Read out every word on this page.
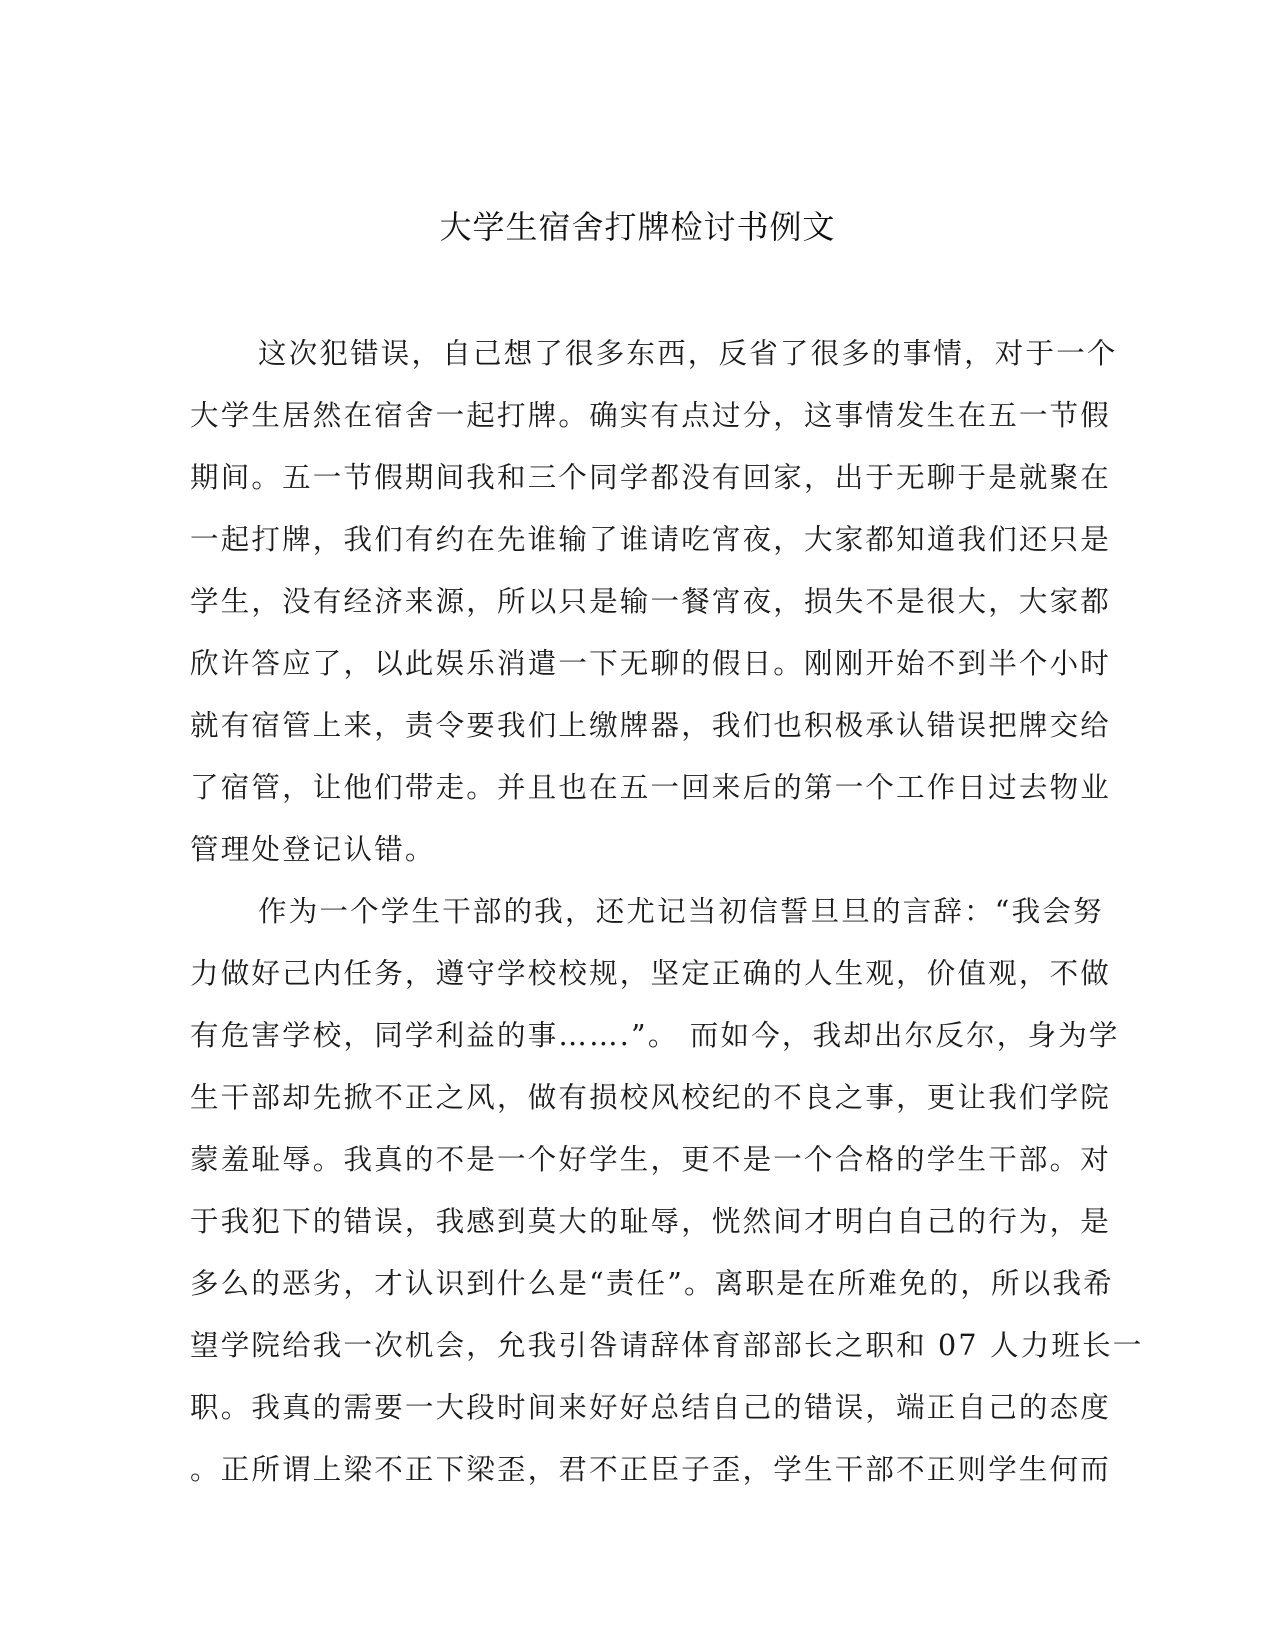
大学生宿舍打牌检讨书例文
这次犯错误，自己想了很多东西，反省了很多的事情，对于一个
大学生居然在宿舍一起打牌。确实有点过分，这事情发生在五一节假
期间。五一节假期间我和三个同学都没有回家，出于无聊于是就聚在
一起打牌，我们有约在先谁输了谁请吃宵夜，大家都知道我们还只是
学生，没有经济来源，所以只是输一餐宵夜，损失不是很大，大家都
欣许答应了，以此娱乐消遣一下无聊的假日。刚刚开始不到半个小时
就有宿管上来，责令要我们上缴牌器，我们也积极承认错误把牌交给
了宿管，让他们带走。并且也在五一回来后的第一个工作日过去物业
管理处登记认错。
作为一个学生干部的我，还尤记当初信誓旦旦的言辞：“我会努
力做好己内任务，遵守学校校规，坚定正确的人生观，价值观，不做
有危害学校，同学利益的事…….”。 而如今，我却出尔反尔，身为学
生干部却先掀不正之风，做有损校风校纪的不良之事，更让我们学院
蒙羞耻辱。我真的不是一个好学生，更不是一个合格的学生干部。对
于我犯下的错误，我感到莫大的耻辱，恍然间才明白自己的行为，是
多么的恶劣，才认识到什么是“责任”。离职是在所难免的，所以我希
望学院给我一次机会，允我引咎请辞体育部部长之职和 07 人力班长一
职。我真的需要一大段时间来好好总结自己的错误，端正自己的态度
。正所谓上梁不正下梁歪，君不正臣子歪，学生干部不正则学生何而
